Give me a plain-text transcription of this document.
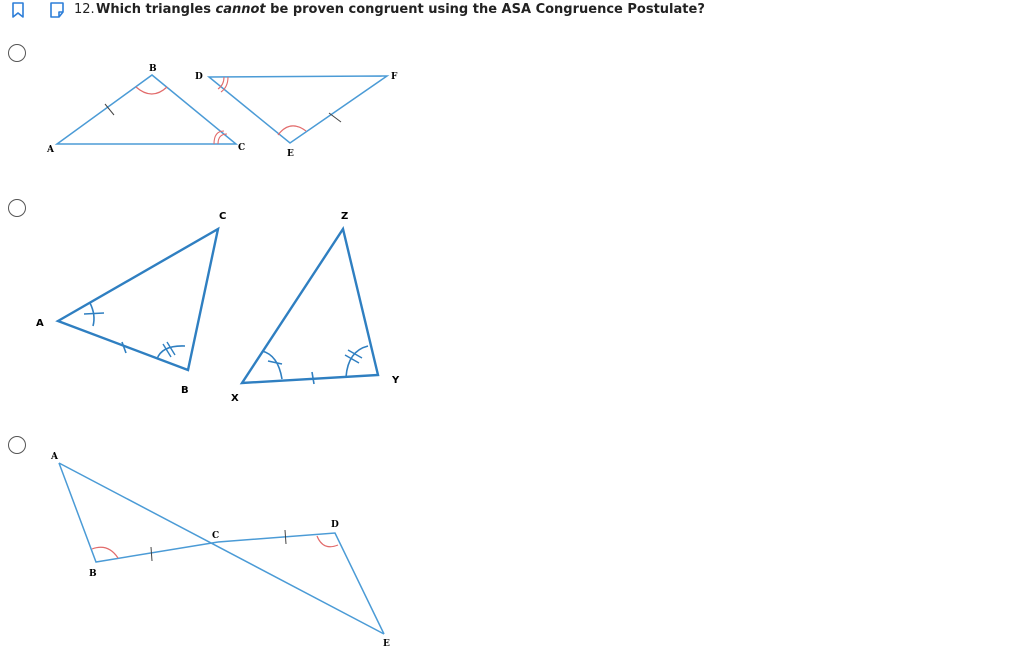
12. Which triangles cannot be proven congruent using the ASA Congruence Postulate?
A
B
C
D
E
F
A
B
C
X
Y
Z
A
B
C
D
E
